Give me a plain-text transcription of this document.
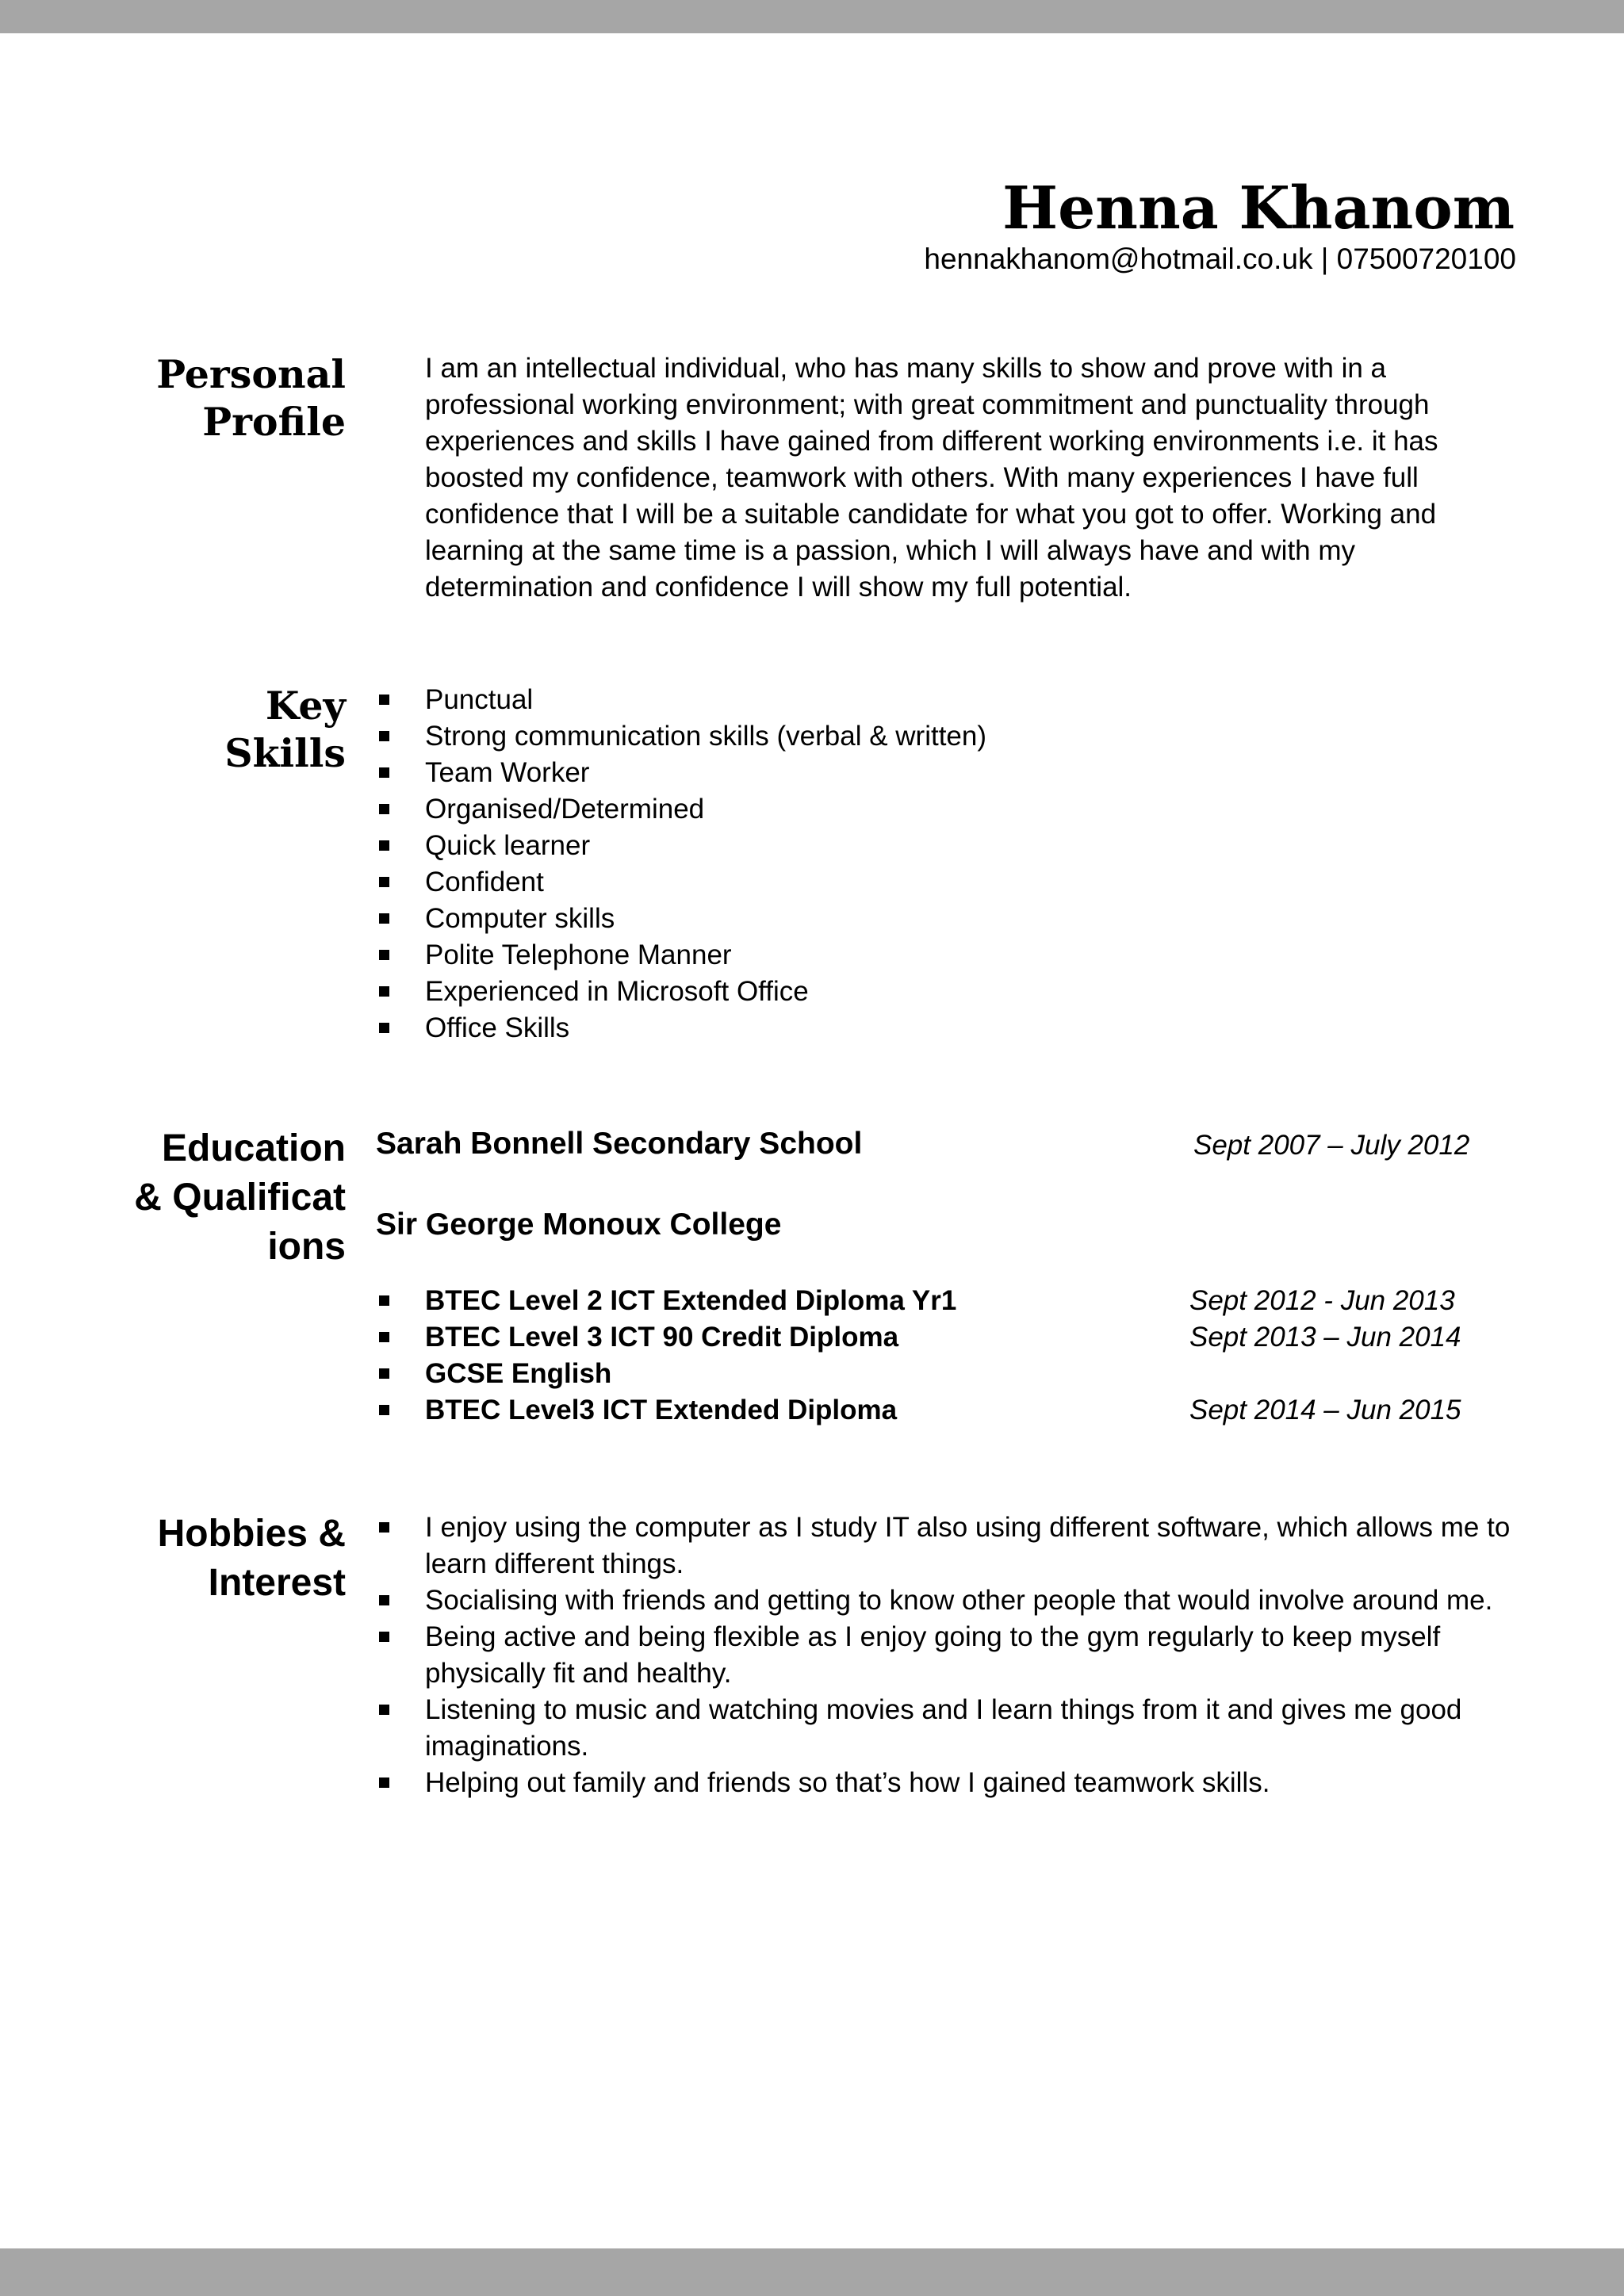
Henna Khanom
hennakhanom@hotmail.co.uk | 07500720100
Personal Profile
I am an intellectual individual, who has many skills to show and prove with in a professional working environment; with great commitment and punctuality through experiences and skills I have gained from different working environments i.e. it has boosted my confidence, teamwork with others. With many experiences I have full confidence that I will be a suitable candidate for what you got to offer. Working and learning at the same time is a passion, which I will always have and with my determination and confidence I will show my full potential.
Key
Skills
Punctual
Strong communication skills (verbal & written)
Team Worker
Organised/Determined
Quick learner
Confident
Computer skills
Polite Telephone Manner
Experienced in Microsoft Office
Office Skills
Education & Qualifications
Sarah Bonnell Secondary School	Sept 2007 – July 2012
Sir George Monoux College
BTEC Level 2 ICT Extended Diploma Yr1	Sept 2012 - Jun 2013
BTEC Level 3 ICT 90 Credit Diploma	Sept 2013 – Jun 2014
GCSE English
BTEC Level3 ICT Extended Diploma	Sept 2014 – Jun 2015
Hobbies &
Interest
I enjoy using the computer as I study IT also using different software, which allows me to learn different things.
Socialising with friends and getting to know other people that would involve around me.
Being active and being flexible as I enjoy going to the gym regularly to keep myself physically fit and healthy.
Listening to music and watching movies and I learn things from it and gives me good imaginations.
Helping out family and friends so that’s how I gained teamwork skills.
